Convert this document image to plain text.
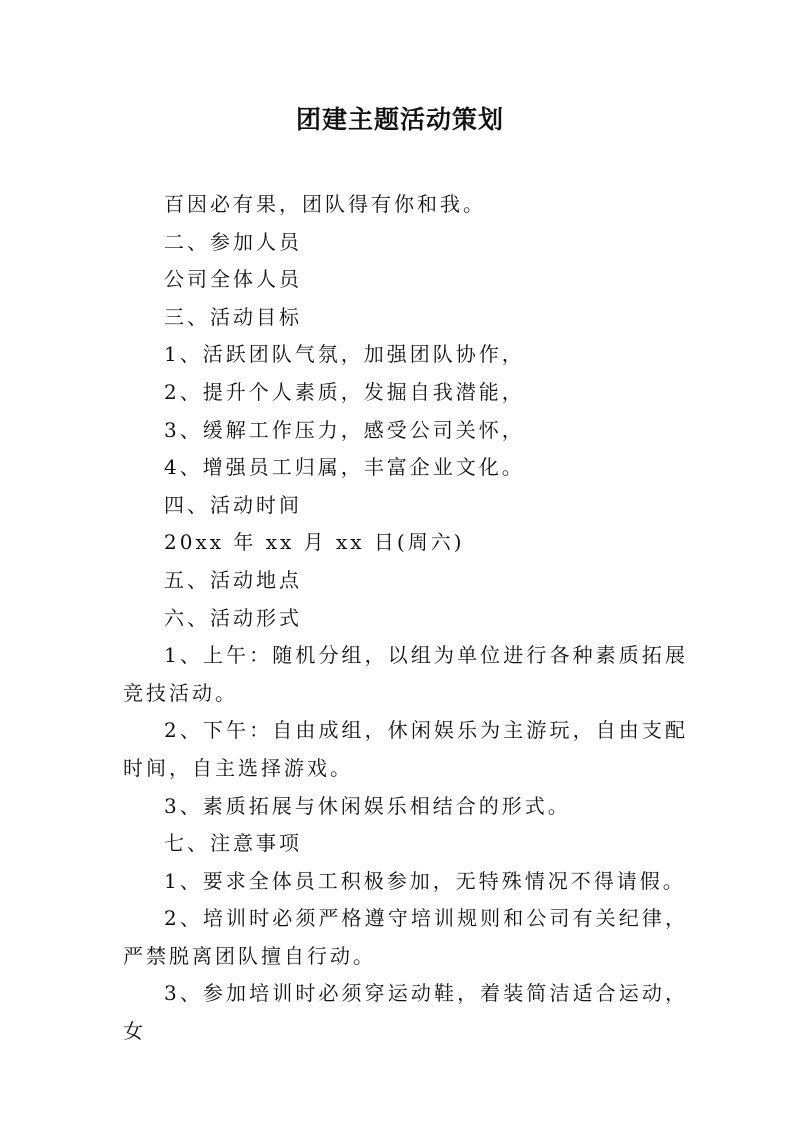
团建主题活动策划

百因必有果，团队得有你和我。

二、参加人员

公司全体人员

三、活动目标

1、活跃团队气氛，加强团队协作，

2、提升个人素质，发掘自我潜能，

3、缓解工作压力，感受公司关怀，

4、增强员工归属，丰富企业文化。

四、活动时间

20xx 年 xx 月 xx 日(周六)

五、活动地点

六、活动形式

1、上午：随机分组，以组为单位进行各种素质拓展竞技活动。

2、下午：自由成组，休闲娱乐为主游玩，自由支配时间，自主选择游戏。

3、素质拓展与休闲娱乐相结合的形式。

七、注意事项

1、要求全体员工积极参加，无特殊情况不得请假。

2、培训时必须严格遵守培训规则和公司有关纪律，严禁脱离团队擅自行动。

3、参加培训时必须穿运动鞋，着装简洁适合运动，女
